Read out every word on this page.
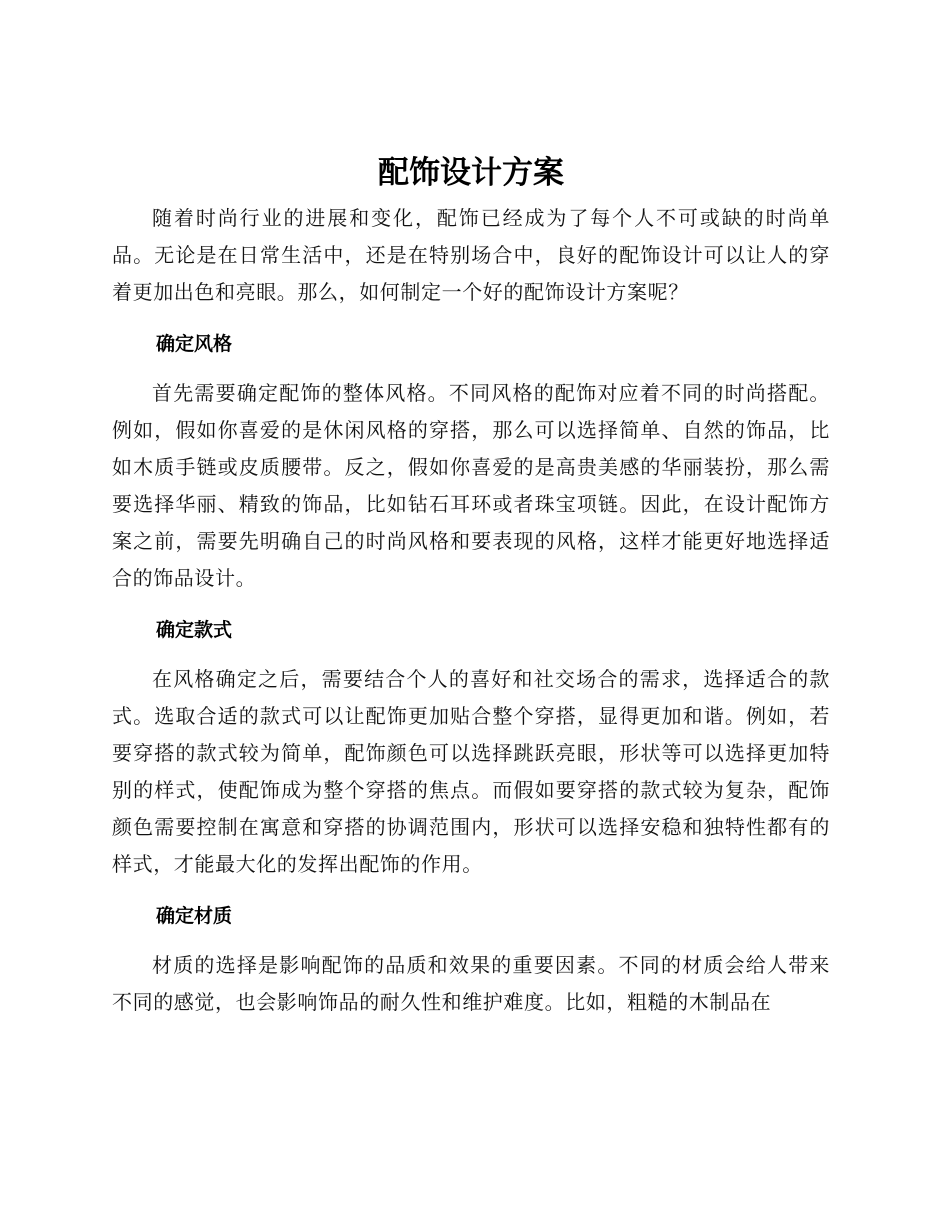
配饰设计方案

随着时尚行业的进展和变化，配饰已经成为了每个人不可或缺的时尚单品。无论是在日常生活中，还是在特别场合中，良好的配饰设计可以让人的穿着更加出色和亮眼。那么，如何制定一个好的配饰设计方案呢？

确定风格

首先需要确定配饰的整体风格。不同风格的配饰对应着不同的时尚搭配。例如，假如你喜爱的是休闲风格的穿搭，那么可以选择简单、自然的饰品，比如木质手链或皮质腰带。反之，假如你喜爱的是高贵美感的华丽装扮，那么需要选择华丽、精致的饰品，比如钻石耳环或者珠宝项链。因此，在设计配饰方案之前，需要先明确自己的时尚风格和要表现的风格，这样才能更好地选择适合的饰品设计。

确定款式

在风格确定之后，需要结合个人的喜好和社交场合的需求，选择适合的款式。选取合适的款式可以让配饰更加贴合整个穿搭，显得更加和谐。例如，若要穿搭的款式较为简单，配饰颜色可以选择跳跃亮眼，形状等可以选择更加特别的样式，使配饰成为整个穿搭的焦点。而假如要穿搭的款式较为复杂，配饰颜色需要控制在寓意和穿搭的协调范围内，形状可以选择安稳和独特性都有的样式，才能最大化的发挥出配饰的作用。

确定材质

材质的选择是影响配饰的品质和效果的重要因素。不同的材质会给人带来不同的感觉，也会影响饰品的耐久性和维护难度。比如，粗糙的木制品在
